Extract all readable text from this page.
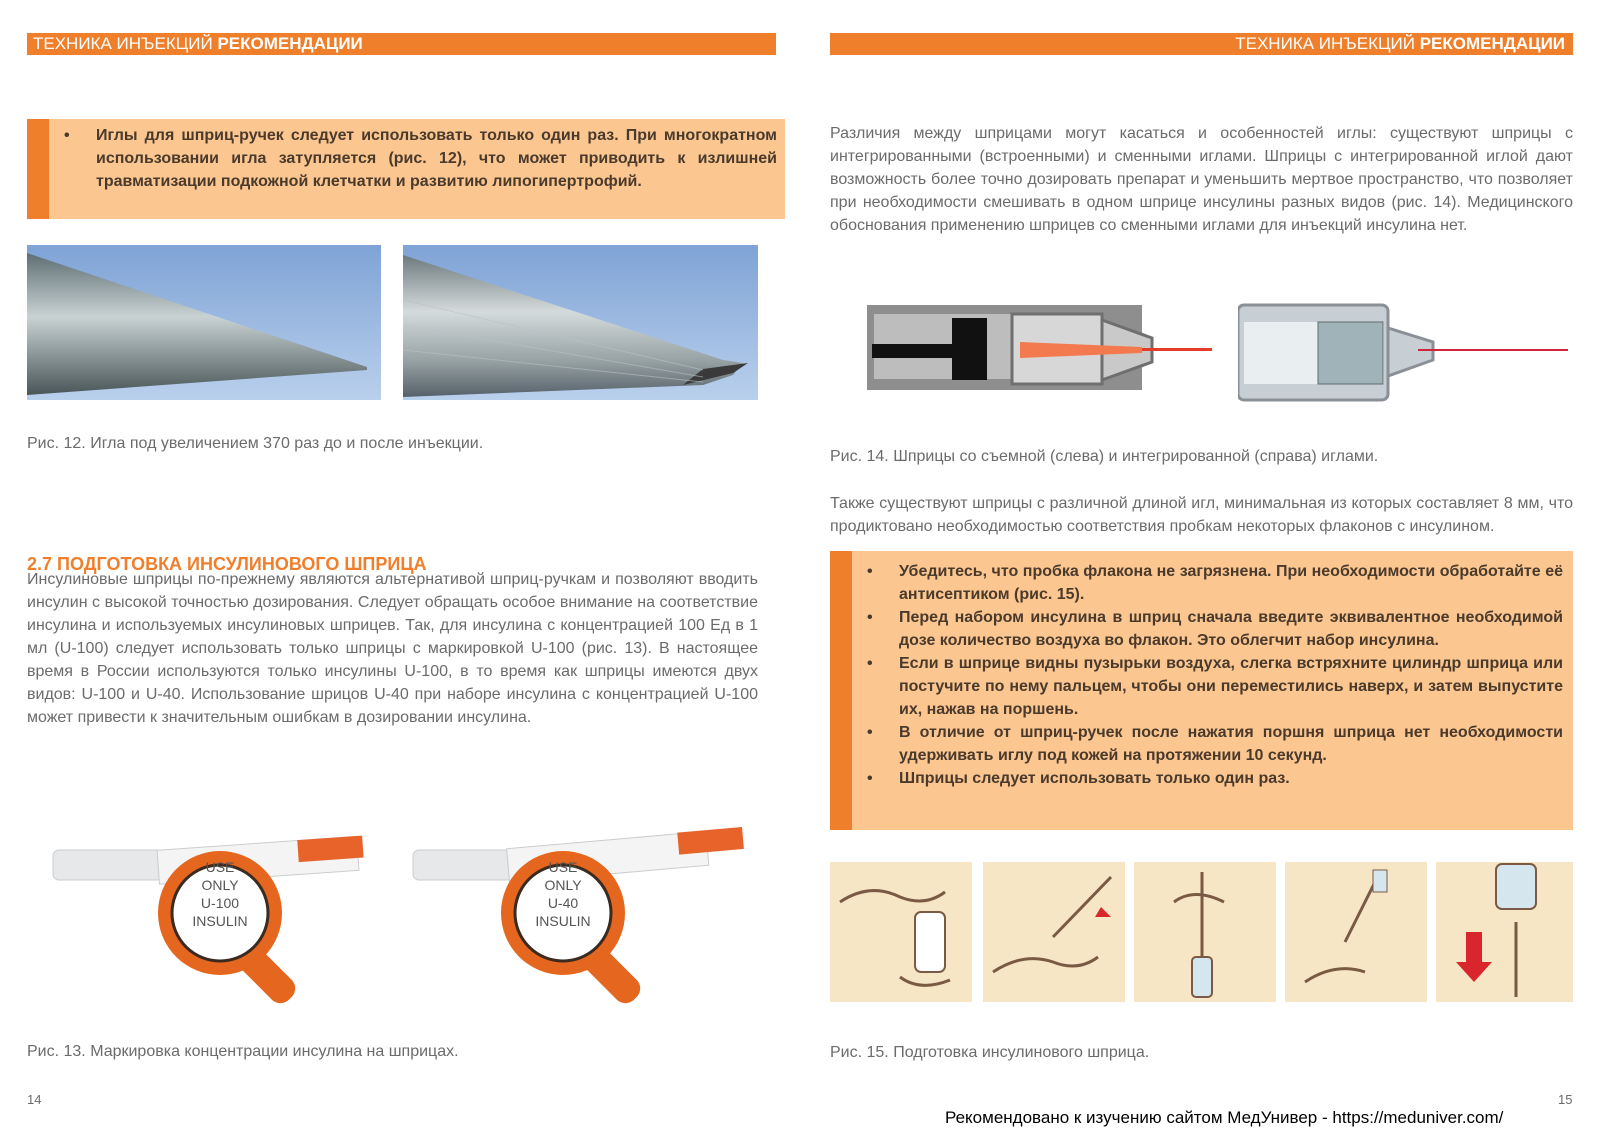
ТЕХНИКА ИНЪЕКЦИЙ РЕКОМЕНДАЦИИ	ТЕХНИКА ИНЪЕКЦИЙ РЕКОМЕНДАЦИИ
• Иглы для шприц-ручек следует использовать только один раз. При многократном использовании игла затупляется (рис. 12), что может приводить к излишней травматизации подкожной клетчатки и развитию липогипертрофий.
Рис. 12. Игла под увеличением 370 раз до и после инъекции.
2.7 ПОДГОТОВКА ИНСУЛИНОВОГО ШПРИЦА
Инсулиновые шприцы по-прежнему являются альтернативой шприц-ручкам и позволяют вводить инсулин с высокой точностью дозирования. Следует обращать особое внимание на соответствие инсулина и используемых инсулиновых шприцев. Так, для инсулина с концентрацией 100 Ед в 1 мл (U-100) следует использовать только шприцы с маркировкой U-100 (рис. 13). В настоящее время в России используются только инсулины U-100, в то время как шприцы имеются двух видов: U-100 и U-40. Использование шрицов U-40 при наборе инсулина с концентрацией U-100 может привести к значительным ошибкам в дозировании инсулина.
USE
ONLY
U-100
INSULIN
USE
ONLY
U-40
INSULIN
Рис. 13. Маркировка концентрации инсулина на шприцах.
14
Различия между шприцами могут касаться и особенностей иглы: существуют шприцы с интегрированными (встроенными) и сменными иглами. Шприцы с интегрированной иглой дают возможность более точно дозировать препарат и уменьшить мертвое пространство, что позволяет при необходимости смешивать в одном шприце инсулины разных видов (рис. 14). Медицинского обоснования применению шприцев со сменными иглами для инъекций инсулина нет.
Рис. 14. Шприцы со съемной (слева) и интегрированной (справа) иглами.
Также существуют шприцы с различной длиной игл, минимальная из которых составляет 8 мм, что продиктовано необходимостью соответствия пробкам некоторых флаконов с инсулином.
• Убедитесь, что пробка флакона не загрязнена. При необходимости обработайте её антисептиком (рис. 15).
• Перед набором инсулина в шприц сначала введите эквивалентное необходимой дозе количество воздуха во флакон. Это облегчит набор инсулина.
• Если в шприце видны пузырьки воздуха, слегка встряхните цилиндр шприца или постучите по нему пальцем, чтобы они переместились наверх, и затем выпустите их, нажав на поршень.
• В отличие от шприц-ручек после нажатия поршня шприца нет необходимости удерживать иглу под кожей на протяжении 10 секунд.
• Шприцы следует использовать только один раз.
Рис. 15. Подготовка инсулинового шприца.
15
Рекомендовано к изучению сайтом МедУнивер - https://meduniver.com/
